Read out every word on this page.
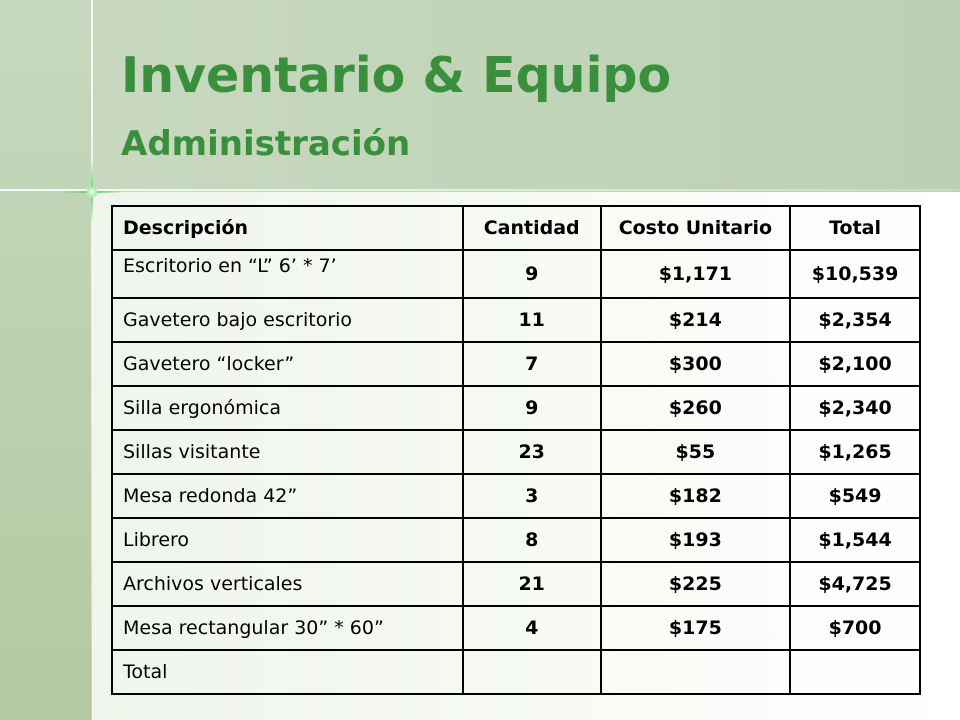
Inventario & Equipo
Administración
Descripción	Cantidad	Costo Unitario	Total
Escritorio en “L” 6’ * 7’	9	$1,171	$10,539
Gavetero bajo escritorio	11	$214	$2,354
Gavetero “locker”	7	$300	$2,100
Silla ergonómica	9	$260	$2,340
Sillas visitante	23	$55	$1,265
Mesa redonda 42”	3	$182	$549
Librero	8	$193	$1,544
Archivos verticales	21	$225	$4,725
Mesa rectangular 30” * 60”	4	$175	$700
Total			
